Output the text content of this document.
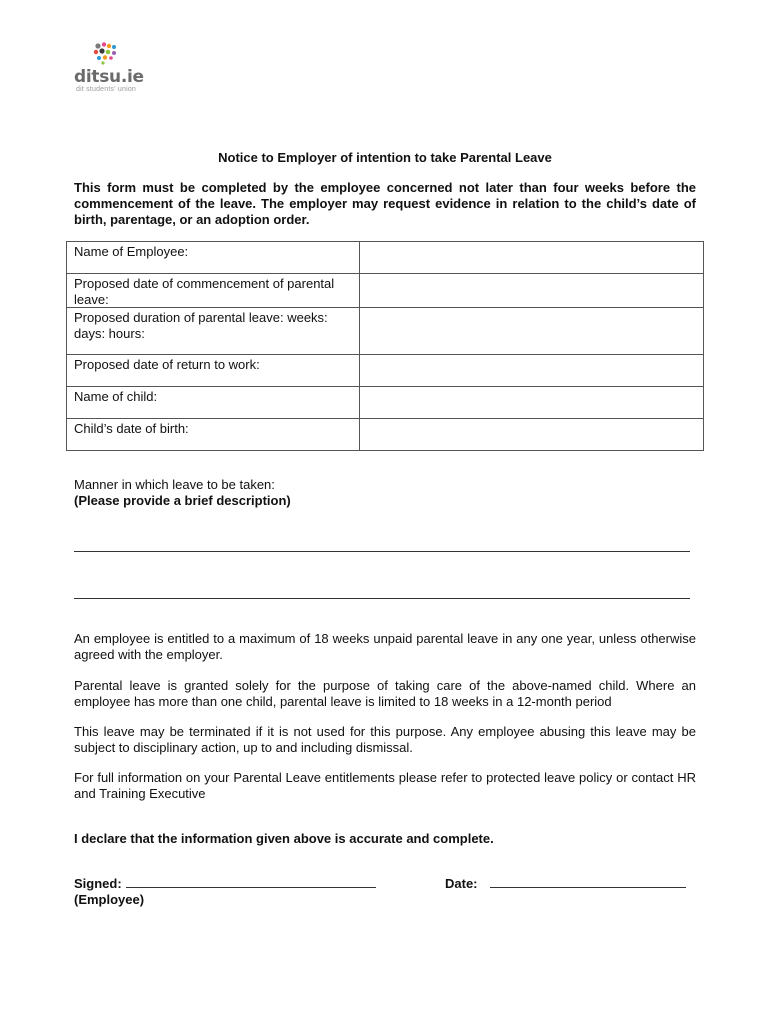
ditsu.ie
dit students' union
Notice to Employer of intention to take Parental Leave

This form must be completed by the employee concerned not later than four weeks before the commencement of the leave. The employer may request evidence in relation to the child’s date of birth, parentage, or an adoption order.

Name of Employee:	
Proposed date of commencement of parental leave:	
Proposed duration of parental leave: weeks: days: hours:	
Proposed date of return to work:	
Name of child:	
Child’s date of birth:	
Manner in which leave to be taken:
(Please provide a brief description)

An employee is entitled to a maximum of 18 weeks unpaid parental leave in any one year, unless otherwise agreed with the employer.

Parental leave is granted solely for the purpose of taking care of the above-named child. Where an employee has more than one child, parental leave is limited to 18 weeks in a 12-month period

This leave may be terminated if it is not used for this purpose. Any employee abusing this leave may be subject to disciplinary action, up to and including dismissal.

For full information on your Parental Leave entitlements please refer to protected leave policy or contact HR and Training Executive

I declare that the information given above is accurate and complete.
Signed:
(Employee)
Date:
